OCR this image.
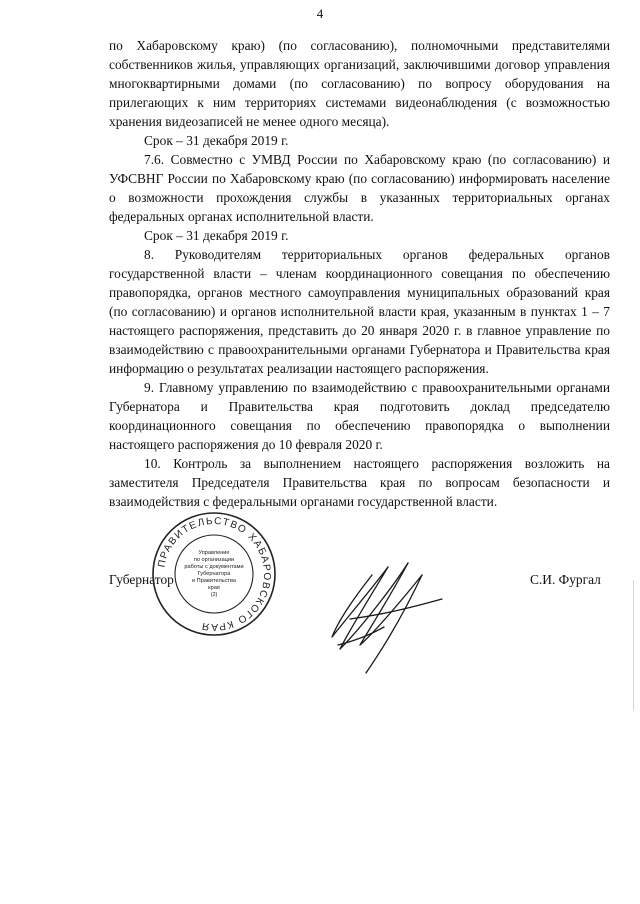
4

по Хабаровскому краю) (по согласованию), полномочными представителями собственников жилья, управляющих организаций, заключившими договор управления многоквартирными домами (по согласованию) по вопросу оборудования на прилегающих к ним территориях системами видеонаблюдения (с возможностью хранения видеозаписей не менее одного месяца).

Срок – 31 декабря 2019 г.

7.6. Совместно с УМВД России по Хабаровскому краю (по согласованию) и УФСВНГ России по Хабаровскому краю (по согласованию) информировать население о возможности прохождения службы в указанных территориальных органах федеральных органах исполнительной власти.

Срок – 31 декабря 2019 г.

8. Руководителям территориальных органов федеральных органов государственной власти – членам координационного совещания по обеспечению правопорядка, органов местного самоуправления муниципальных образований края (по согласованию) и органов исполнительной власти края, указанным в пунктах 1 – 7 настоящего распоряжения, представить до 20 января 2020 г. в главное управление по взаимодействию с правоохранительными органами Губернатора и Правительства края информацию о результатах реализации настоящего распоряжения.

9. Главному управлению по взаимодействию с правоохранительными органами Губернатора и Правительства края подготовить доклад председателю координационного совещания по обеспечению правопорядка о выполнении настоящего распоряжения до 10 февраля 2020 г.

10. Контроль за выполнением настоящего распоряжения возложить на заместителя Председателя Правительства края по вопросам безопасности и взаимодействия с федеральными органами государственной власти.

Губернатор	С.И. Фургал
ПРАВИТЕЛЬСТВО ХАБАРОВСКОГО КРАЯ
Управление
по организации
работы с документами
Губернатора
и Правительства
края
(2)
